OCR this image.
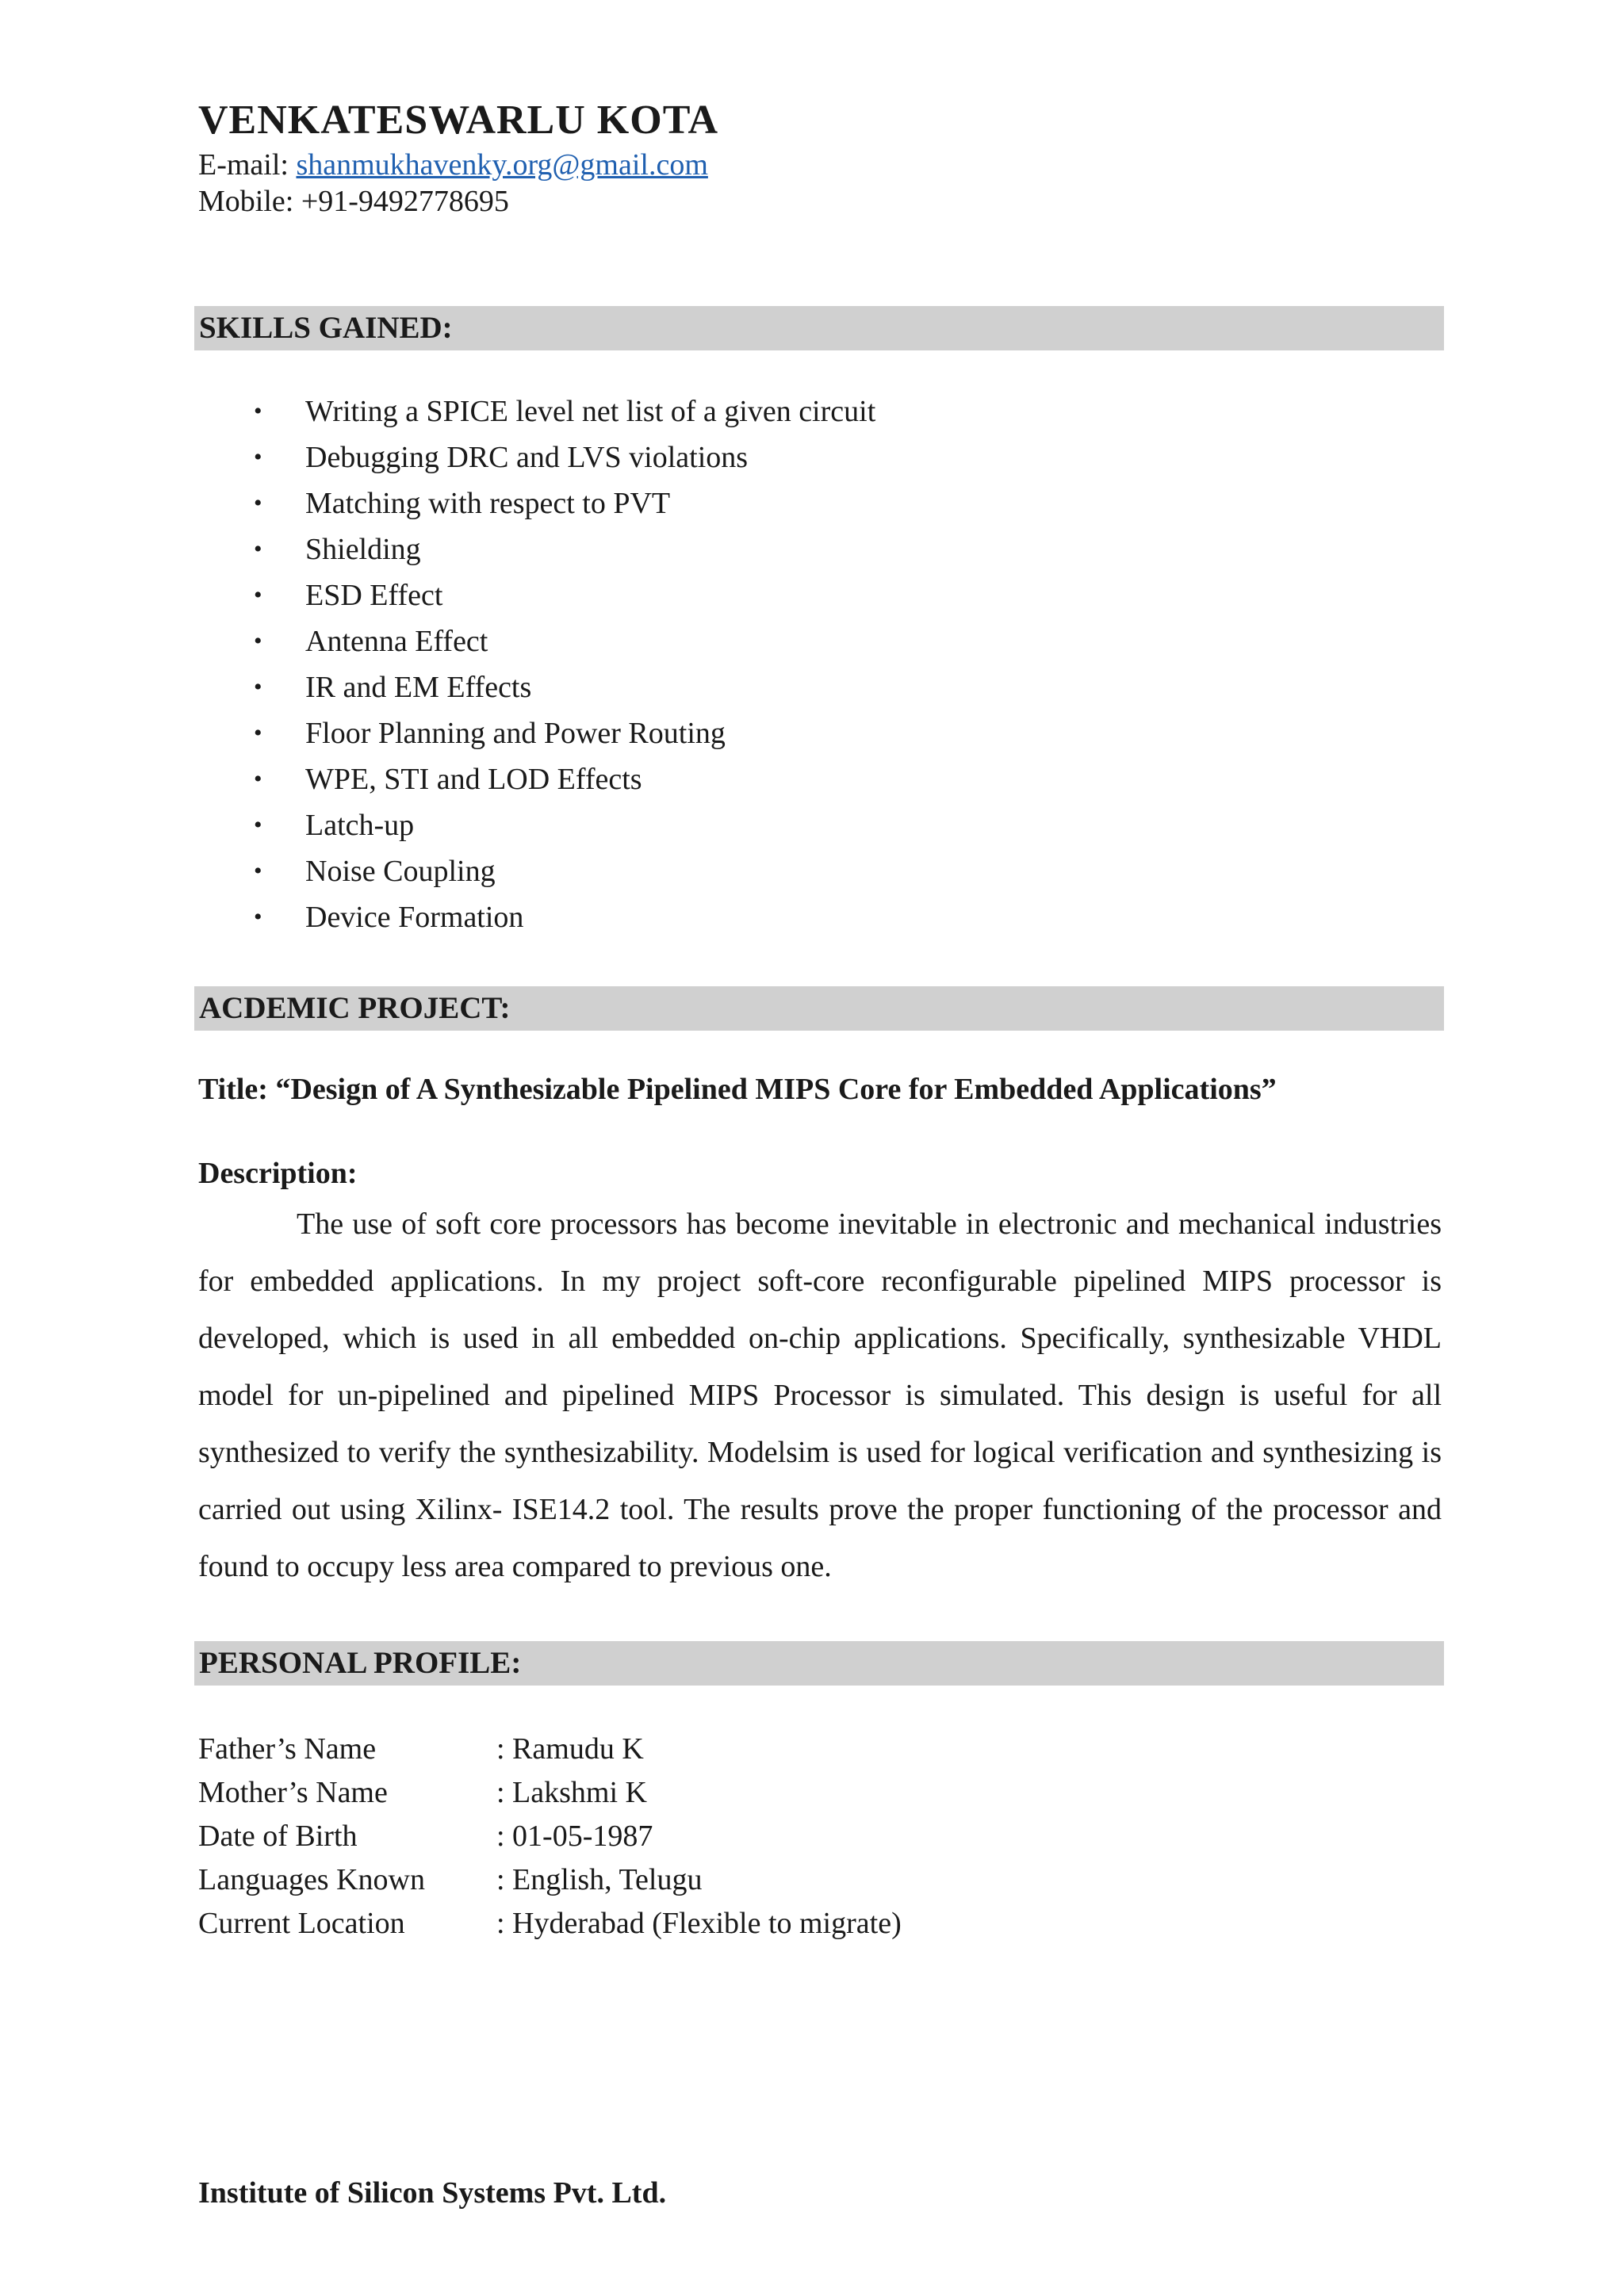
VENKATESWARLU KOTA

E-mail: shanmukhavenky.org@gmail.com

Mobile: +91-9492778695

SKILLS GAINED:
• Writing a SPICE level net list of a given circuit
• Debugging DRC and LVS violations
• Matching with respect to PVT
• Shielding
• ESD Effect
• Antenna Effect
• IR and EM Effects
• Floor Planning and Power Routing
• WPE, STI and LOD Effects
• Latch-up
• Noise Coupling
• Device Formation
ACDEMIC PROJECT:

Title: “Design of A Synthesizable Pipelined MIPS Core for Embedded Applications”

Description:

The use of soft core processors has become inevitable in electronic and mechanical industries for embedded applications. In my project soft-core reconfigurable pipelined MIPS processor is developed, which is used in all embedded on-chip applications. Specifically, synthesizable VHDL model for un-pipelined and pipelined MIPS Processor is simulated. This design is useful for all synthesized to verify the synthesizability. Modelsim is used for logical verification and synthesizing is carried out using Xilinx- ISE14.2 tool. The results prove the proper functioning of the processor and found to occupy less area compared to previous one.

PERSONAL PROFILE:
Father’s Name	: Ramudu K
Mother’s Name	: Lakshmi K
Date of Birth	: 01-05-1987
Languages Known	: English, Telugu
Current Location	: Hyderabad (Flexible to migrate)

Institute of Silicon Systems Pvt. Ltd.
